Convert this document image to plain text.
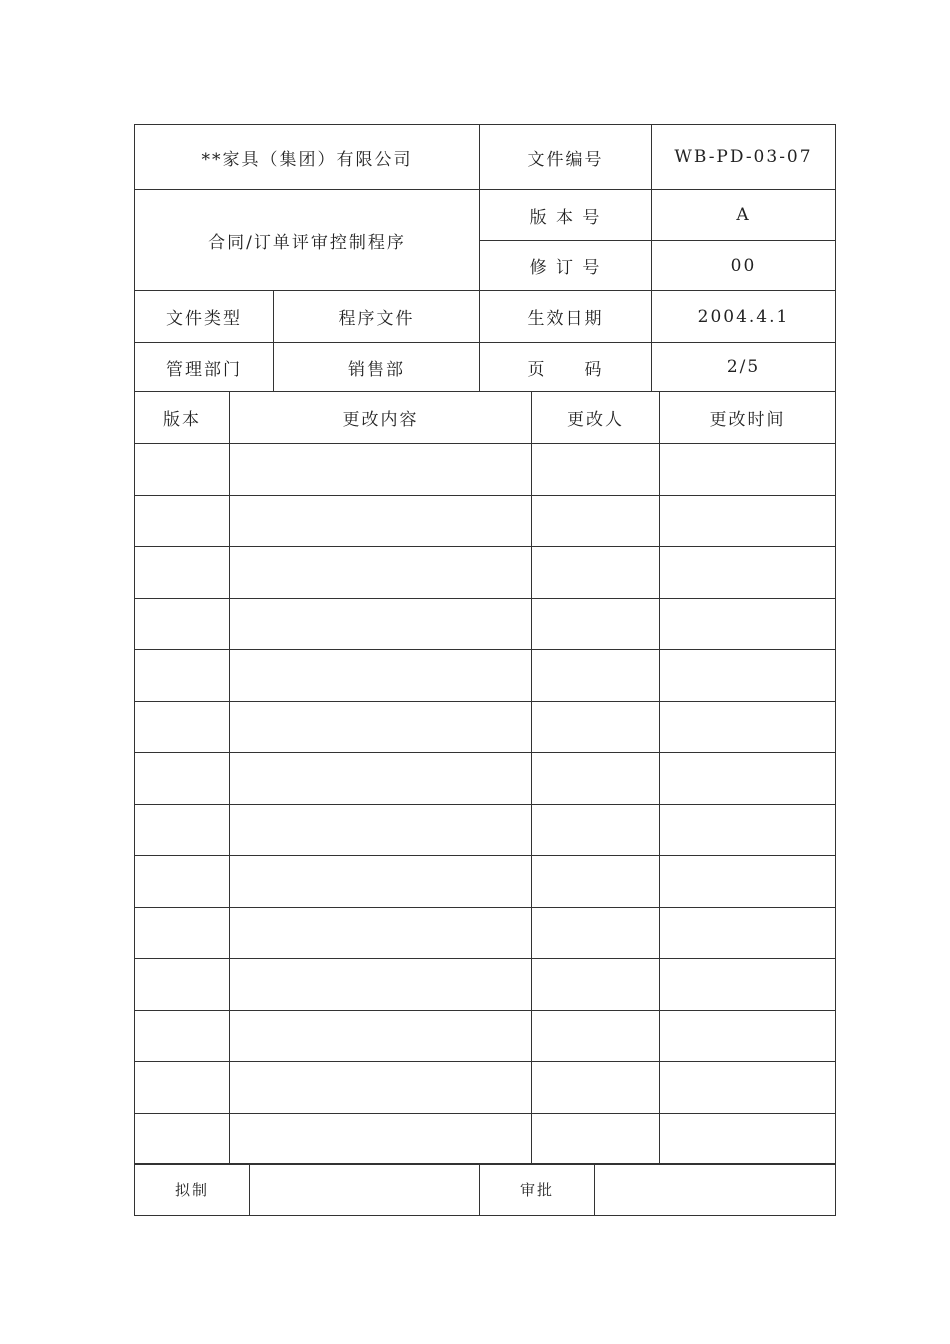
**家具（集团）有限公司		文件编号	WB-PD-03-07
合同/订单评审控制程序		版 本 号	A
		修 订 号	00
文件类型	程序文件	生效日期	2004.4.1
管理部门	销售部	页　　码	2/5
版本	更改内容	更改人	更改时间

拟制		审批	
